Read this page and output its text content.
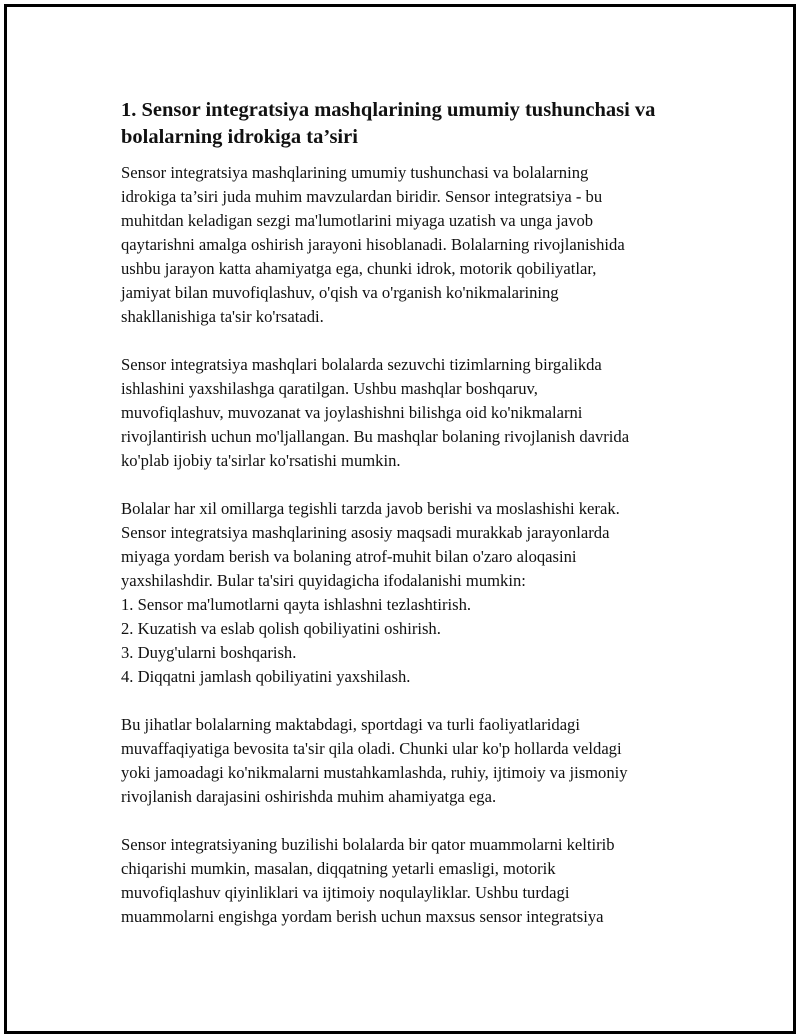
1. Sensor integratsiya mashqlarining umumiy tushunchasi va
bolalarning idrokiga ta’siri

Sensor integratsiya mashqlarining umumiy tushunchasi va bolalarning
idrokiga ta’siri juda muhim mavzulardan biridir. Sensor integratsiya - bu
muhitdan keladigan sezgi ma'lumotlarini miyaga uzatish va unga javob
qaytarishni amalga oshirish jarayoni hisoblanadi. Bolalarning rivojlanishida
ushbu jarayon katta ahamiyatga ega, chunki idrok, motorik qobiliyatlar,
jamiyat bilan muvofiqlashuv, o'qish va o'rganish ko'nikmalarining
shakllanishiga ta'sir ko'rsatadi.

Sensor integratsiya mashqlari bolalarda sezuvchi tizimlarning birgalikda
ishlashini yaxshilashga qaratilgan. Ushbu mashqlar boshqaruv,
muvofiqlashuv, muvozanat va joylashishni bilishga oid ko'nikmalarni
rivojlantirish uchun mo'ljallangan. Bu mashqlar bolaning rivojlanish davrida
ko'plab ijobiy ta'sirlar ko'rsatishi mumkin.

Bolalar har xil omillarga tegishli tarzda javob berishi va moslashishi kerak.
Sensor integratsiya mashqlarining asosiy maqsadi murakkab jarayonlarda
miyaga yordam berish va bolaning atrof-muhit bilan o'zaro aloqasini
yaxshilashdir. Bular ta'siri quyidagicha ifodalanishi mumkin:
1. Sensor ma'lumotlarni qayta ishlashni tezlashtirish.
2. Kuzatish va eslab qolish qobiliyatini oshirish.
3. Duyg'ularni boshqarish.
4. Diqqatni jamlash qobiliyatini yaxshilash.

Bu jihatlar bolalarning maktabdagi, sportdagi va turli faoliyatlaridagi
muvaffaqiyatiga bevosita ta'sir qila oladi. Chunki ular ko'p hollarda veldagi
yoki jamoadagi ko'nikmalarni mustahkamlashda, ruhiy, ijtimoiy va jismoniy
rivojlanish darajasini oshirishda muhim ahamiyatga ega.

Sensor integratsiyaning buzilishi bolalarda bir qator muammolarni keltirib
chiqarishi mumkin, masalan, diqqatning yetarli emasligi, motorik
muvofiqlashuv qiyinliklari va ijtimoiy noqulayliklar. Ushbu turdagi
muammolarni engishga yordam berish uchun maxsus sensor integratsiya
